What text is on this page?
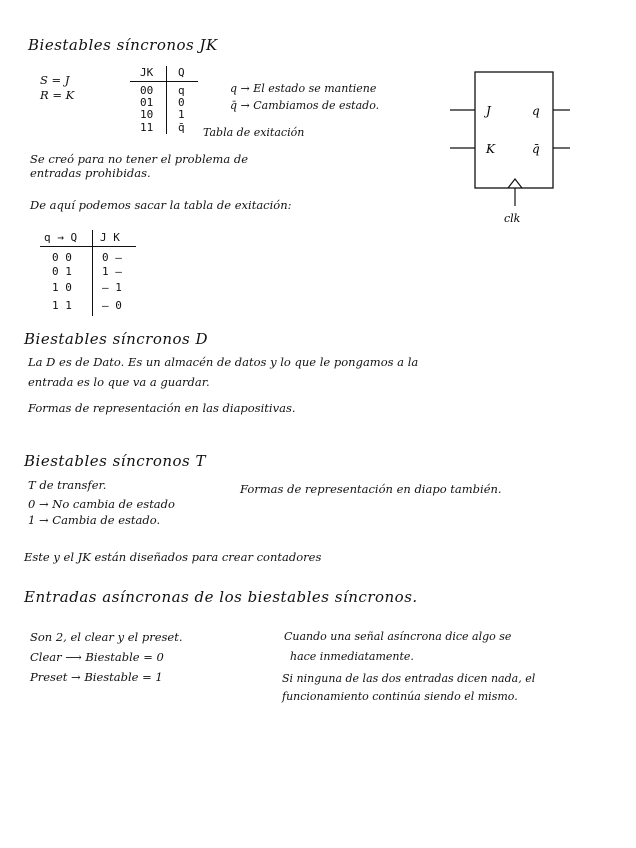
Biestables síncronos JK
S = J
R = K
JK Q
00 q
01 0
10 1
11 q̄
q → El estado se mantiene
q̄ → Cambiamos de estado.
Tabla de exitación
Se creó para no tener el problema de
entradas prohibidas.
De aquí podemos sacar la tabla de exitación:
J
K
q
q̄
clk
q → Q J K
0 0	0 –
0 1	1 –
1 0	– 1
1 1	– 0
Biestables síncronos D
La D es de Dato. Es un almacén de datos y lo que le pongamos a la
entrada es lo que va a guardar.
Formas de representación en las diapositivas.
Biestables síncronos T
T de transfer.	Formas de representación en diapo también.
0 → No cambia de estado
1 → Cambia de estado.
Este y el JK están diseñados para crear contadores
Entradas asíncronas de los biestables síncronos.
Son 2, el clear y el preset.
Clear ⟶ Biestable = 0
Preset → Biestable = 1
Cuando una señal asíncrona dice algo se
hace inmediatamente.
Si ninguna de las dos entradas dicen nada, el
funcionamiento continúa siendo el mismo.
